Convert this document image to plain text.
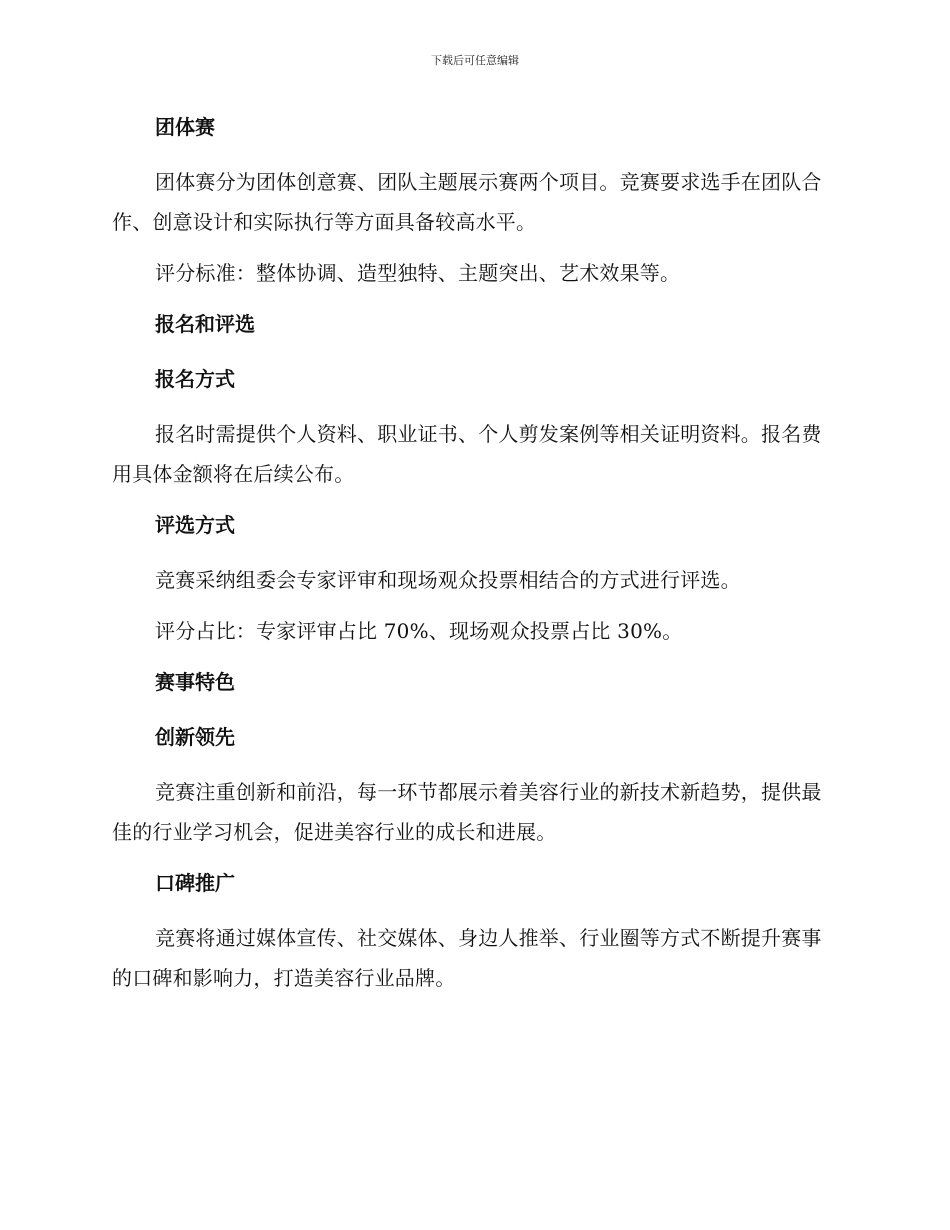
下载后可任意编辑
团体赛
团体赛分为团体创意赛、团队主题展示赛两个项目。竞赛要求选手在团队合作、创意设计和实际执行等方面具备较高水平。
评分标准：整体协调、造型独特、主题突出、艺术效果等。
报名和评选
报名方式
报名时需提供个人资料、职业证书、个人剪发案例等相关证明资料。报名费用具体金额将在后续公布。
评选方式
竞赛采纳组委会专家评审和现场观众投票相结合的方式进行评选。
评分占比：专家评审占比 70%、现场观众投票占比 30%。
赛事特色
创新领先
竞赛注重创新和前沿，每一环节都展示着美容行业的新技术新趋势，提供最佳的行业学习机会，促进美容行业的成长和进展。
口碑推广
竞赛将通过媒体宣传、社交媒体、身边人推举、行业圈等方式不断提升赛事的口碑和影响力，打造美容行业品牌。
